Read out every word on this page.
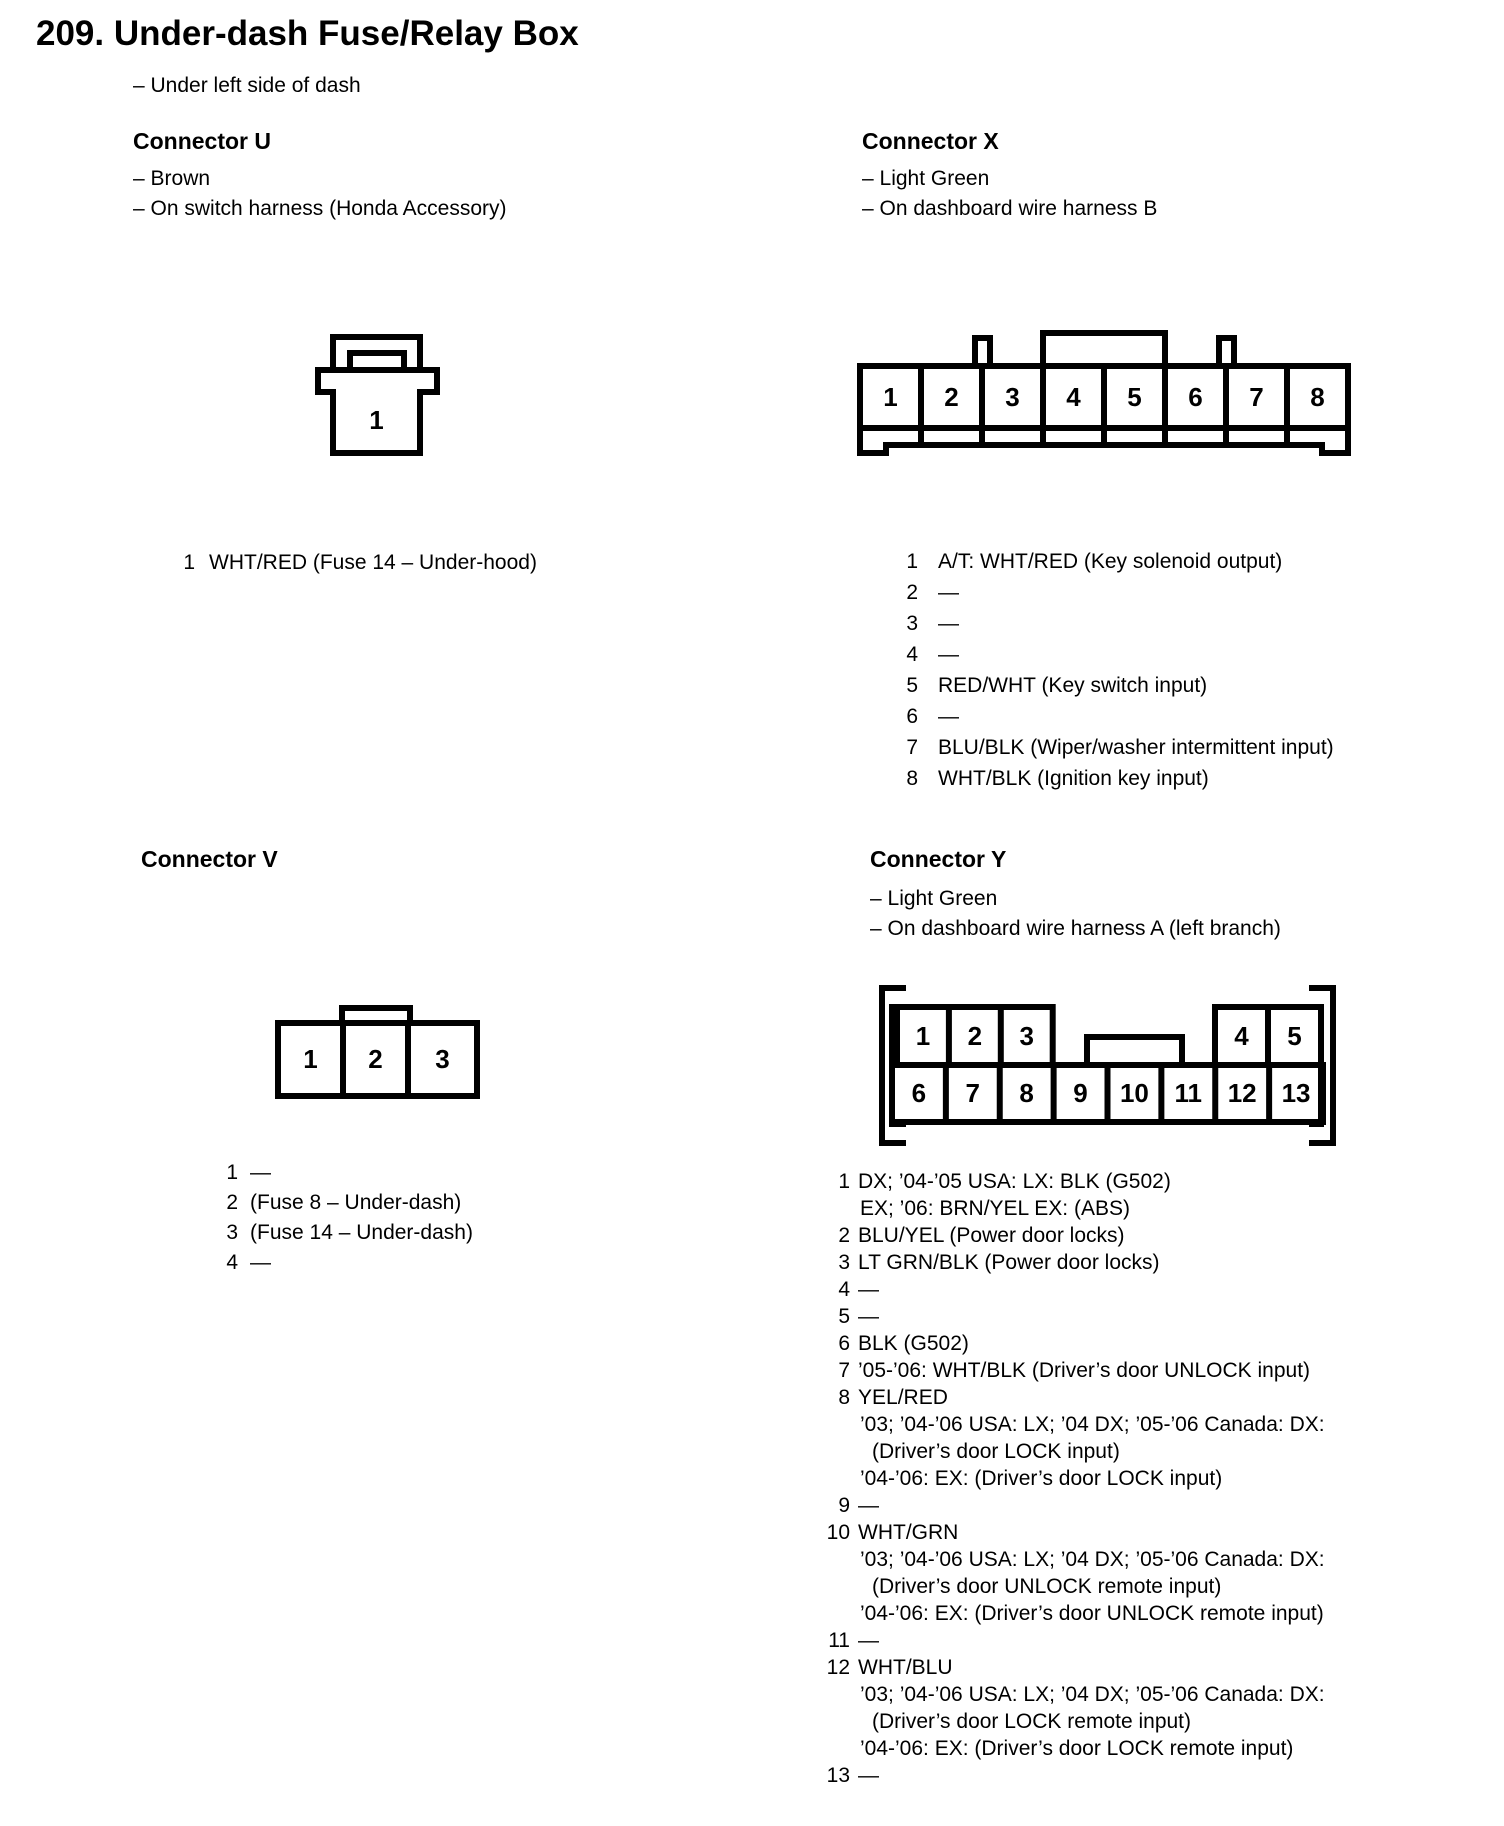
209. Under-dash Fuse/Relay Box
– Under left side of dash
Connector U
– Brown
– On switch harness (Honda Accessory)
1
1 WHT/RED (Fuse 14 – Under-hood)
Connector X
– Light Green
– On dashboard wire harness B
1 2 3 4 5 6 7 8
1 A/T: WHT/RED (Key solenoid output)
2 —
3 —
4 —
5 RED/WHT (Key switch input)
6 —
7 BLU/BLK (Wiper/washer intermittent input)
8 WHT/BLK (Ignition key input)
Connector V
1 2 3
1 —
2 (Fuse 8 – Under-dash)
3 (Fuse 14 – Under-dash)
4 —
Connector Y
– Light Green
– On dashboard wire harness A (left branch)
1 2 3	4 5
6 7 8 9 10 11 12 13
1 DX; ’04-’05 USA: LX: BLK (G502)
EX; ’06: BRN/YEL EX: (ABS)
2 BLU/YEL (Power door locks)
3 LT GRN/BLK (Power door locks)
4 —
5 —
6 BLK (G502)
7 ’05-’06: WHT/BLK (Driver’s door UNLOCK input)
8 YEL/RED
’03; ’04-’06 USA: LX; ’04 DX; ’05-’06 Canada: DX:
(Driver’s door LOCK input)
’04-’06: EX: (Driver’s door LOCK input)
9 —
10 WHT/GRN
’03; ’04-’06 USA: LX; ’04 DX; ’05-’06 Canada: DX:
(Driver’s door UNLOCK remote input)
’04-’06: EX: (Driver’s door UNLOCK remote input)
11 —
12 WHT/BLU
’03; ’04-’06 USA: LX; ’04 DX; ’05-’06 Canada: DX:
(Driver’s door LOCK remote input)
’04-’06: EX: (Driver’s door LOCK remote input)
13 —
